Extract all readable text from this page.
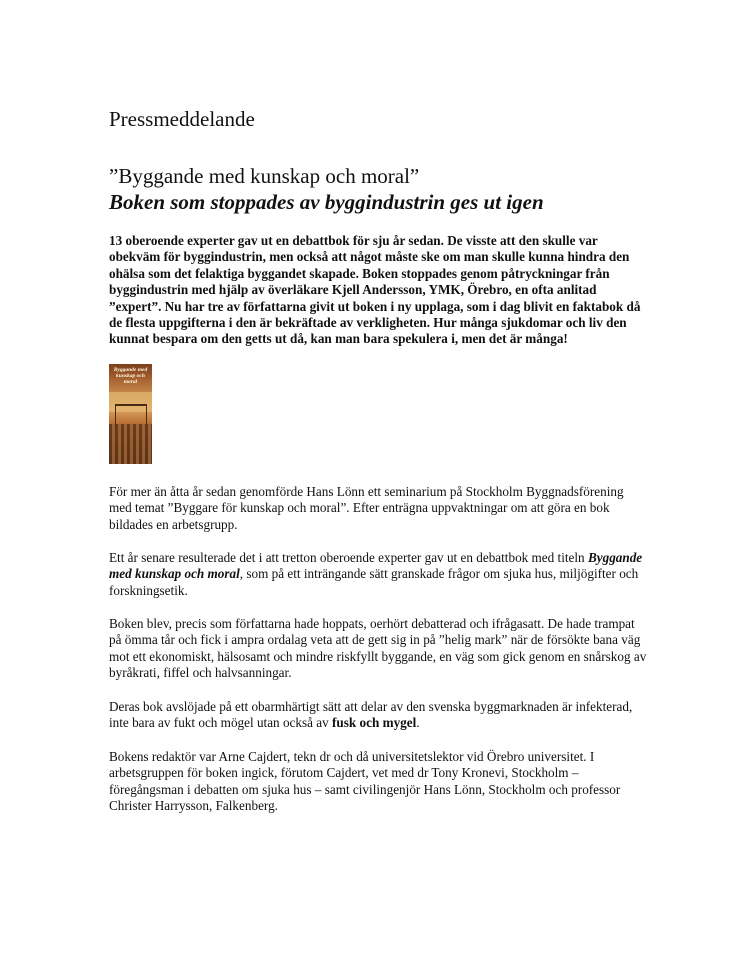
Pressmeddelande
”Byggande med kunskap och moral”
Boken som stoppades av byggindustrin ges ut igen

13 oberoende experter gav ut en debattbok för sju år sedan. De visste att den skulle var obekväm för byggindustrin, men också att något måste ske om man skulle kunna hindra den ohälsa som det felaktiga byggandet skapade. Boken stoppades genom påtryckningar från byggindustrin med hjälp av överläkare Kjell Andersson, YMK, Örebro, en ofta anlitad ”expert”. Nu har tre av författarna givit ut boken i ny upplaga, som i dag blivit en faktabok då de flesta uppgifterna i den är bekräftade av verkligheten. Hur många sjukdomar och liv den kunnat bespara om den getts ut då, kan man bara spekulera i, men det är många!

Byggande med kunskap och moral

För mer än åtta år sedan genomförde Hans Lönn ett seminarium på Stockholm Byggnadsförening med temat ”Byggare för kunskap och moral”. Efter enträgna uppvaktningar om att göra en bok bildades en arbetsgrupp.

Ett år senare resulterade det i att tretton oberoende experter gav ut en debattbok med titeln Byggande med kunskap och moral, som på ett inträngande sätt granskade frågor om sjuka hus, miljögifter och forskningsetik.

Boken blev, precis som författarna hade hoppats, oerhört debatterad och ifrågasatt. De hade trampat på ömma tår och fick i ampra ordalag veta att de gett sig in på ”helig mark” när de försökte bana väg mot ett ekonomiskt, hälsosamt och mindre riskfyllt byggande, en väg som gick genom en snårskog av byråkrati, fiffel och halvsanningar.

Deras bok avslöjade på ett obarmhärtigt sätt att delar av den svenska byggmarknaden är infekterad, inte bara av fukt och mögel utan också av fusk och mygel.

Bokens redaktör var Arne Cajdert, tekn dr och då universitetslektor vid Örebro universitet. I arbetsgruppen för boken ingick, förutom Cajdert, vet med dr Tony Kronevi, Stockholm – föregångsman i debatten om sjuka hus – samt civilingenjör Hans Lönn, Stockholm och professor Christer Harrysson, Falkenberg.
